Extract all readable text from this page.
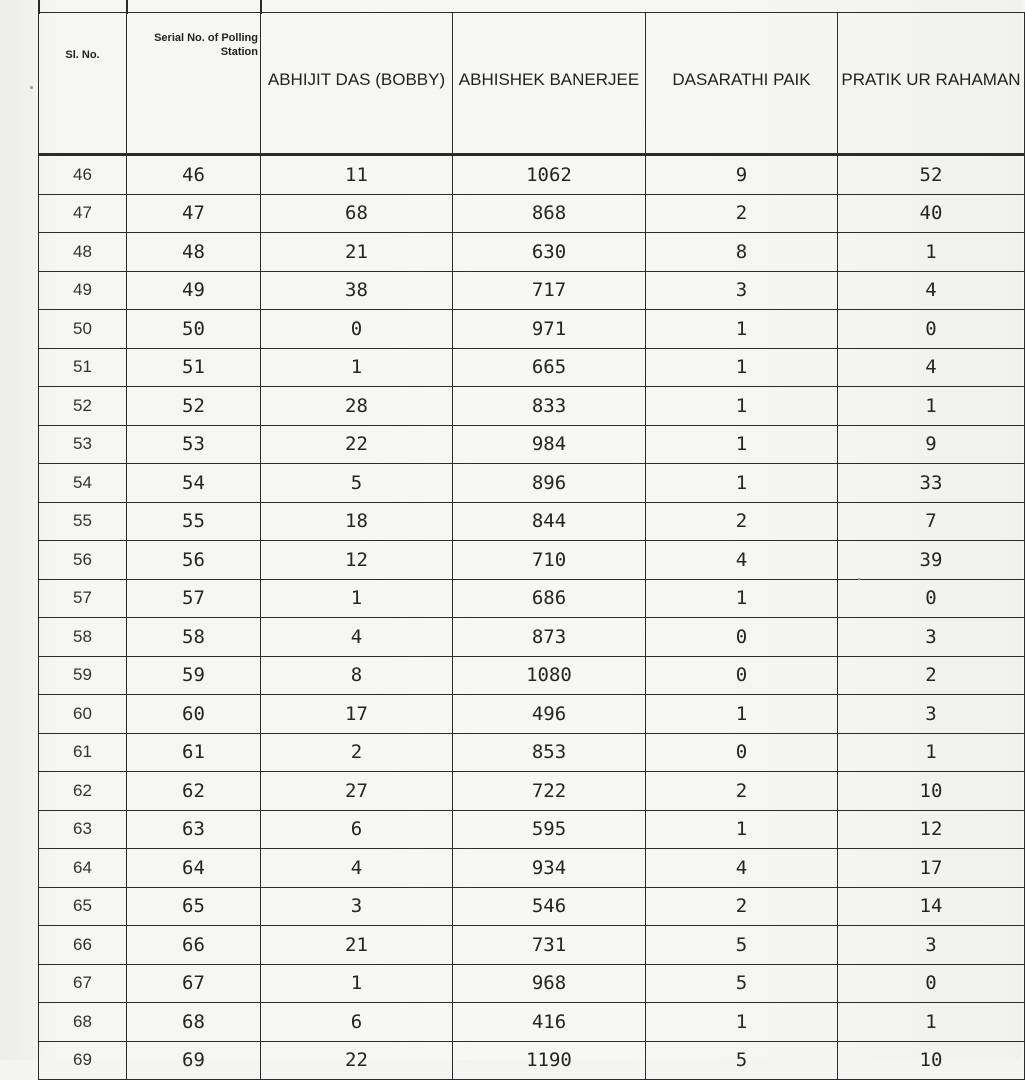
Sl. No.	Serial No. of Polling Station	ABHIJIT DAS (BOBBY)	ABHISHEK BANERJEE	DASARATHI PAIK	PRATIK UR RAHAMAN
46	46	11	1062	9	52
47	47	68	868	2	40
48	48	21	630	8	1
49	49	38	717	3	4
50	50	0	971	1	0
51	51	1	665	1	4
52	52	28	833	1	1
53	53	22	984	1	9
54	54	5	896	1	33
55	55	18	844	2	7
56	56	12	710	4	39
57	57	1	686	1	0
58	58	4	873	0	3
59	59	8	1080	0	2
60	60	17	496	1	3
61	61	2	853	0	1
62	62	27	722	2	10
63	63	6	595	1	12
64	64	4	934	4	17
65	65	3	546	2	14
66	66	21	731	5	3
67	67	1	968	5	0
68	68	6	416	1	1
69	69	22	1190	5	10
